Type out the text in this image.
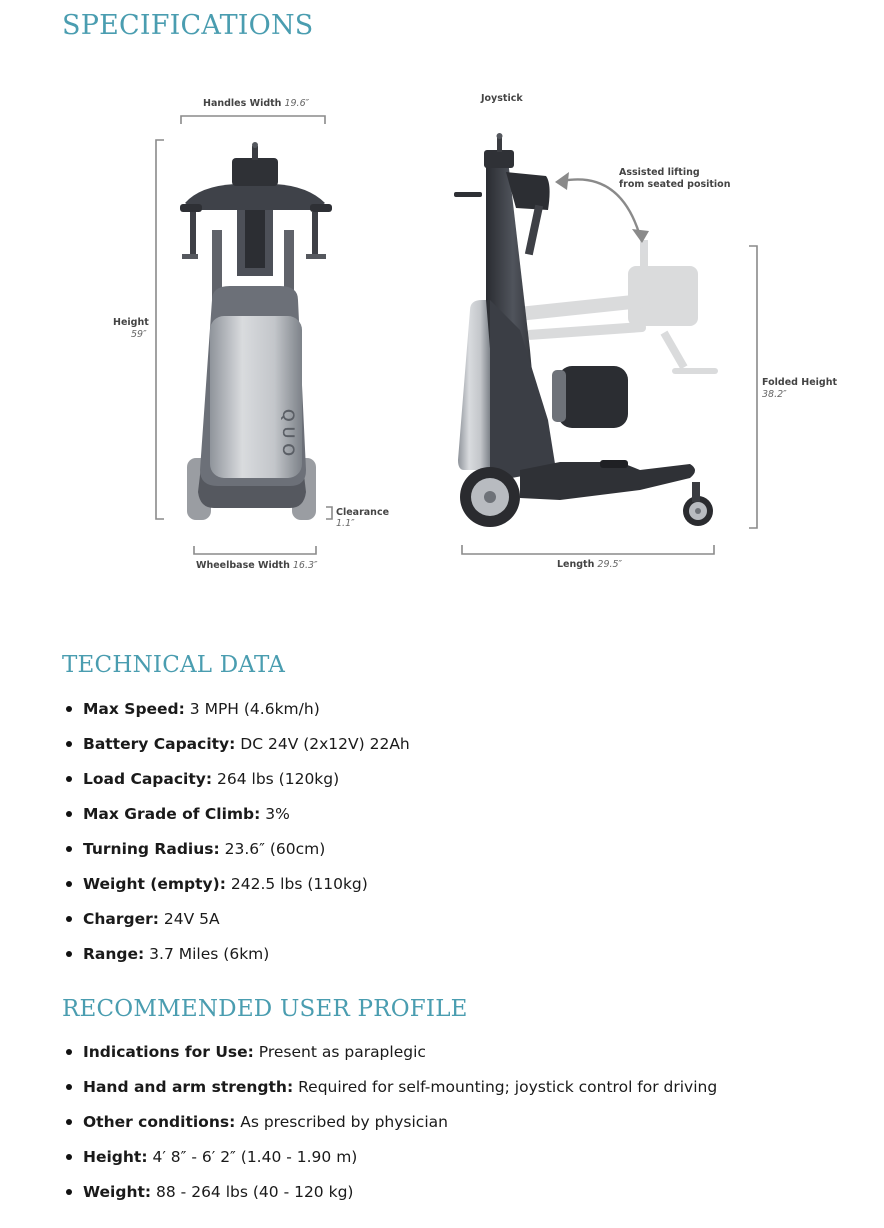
SPECIFICATIONS
QUO
Handles Width 19.6″
Height
59″
Clearance
1.1″
Wheelbase Width 16.3″
Joystick
Assisted lifting
from seated position
Folded Height
38.2″
Length 29.5″
TECHNICAL DATA
Max Speed: 3 MPH (4.6km/h)
Battery Capacity: DC 24V (2x12V) 22Ah
Load Capacity: 264 lbs (120kg)
Max Grade of Climb: 3%
Turning Radius: 23.6″ (60cm)
Weight (empty): 242.5 lbs (110kg)
Charger: 24V 5A
Range: 3.7 Miles (6km)
RECOMMENDED USER PROFILE
Indications for Use: Present as paraplegic
Hand and arm strength: Required for self-mounting; joystick control for driving
Other conditions: As prescribed by physician
Height: 4′ 8″ - 6′ 2″ (1.40 - 1.90 m)
Weight: 88 - 264 lbs (40 - 120 kg)
